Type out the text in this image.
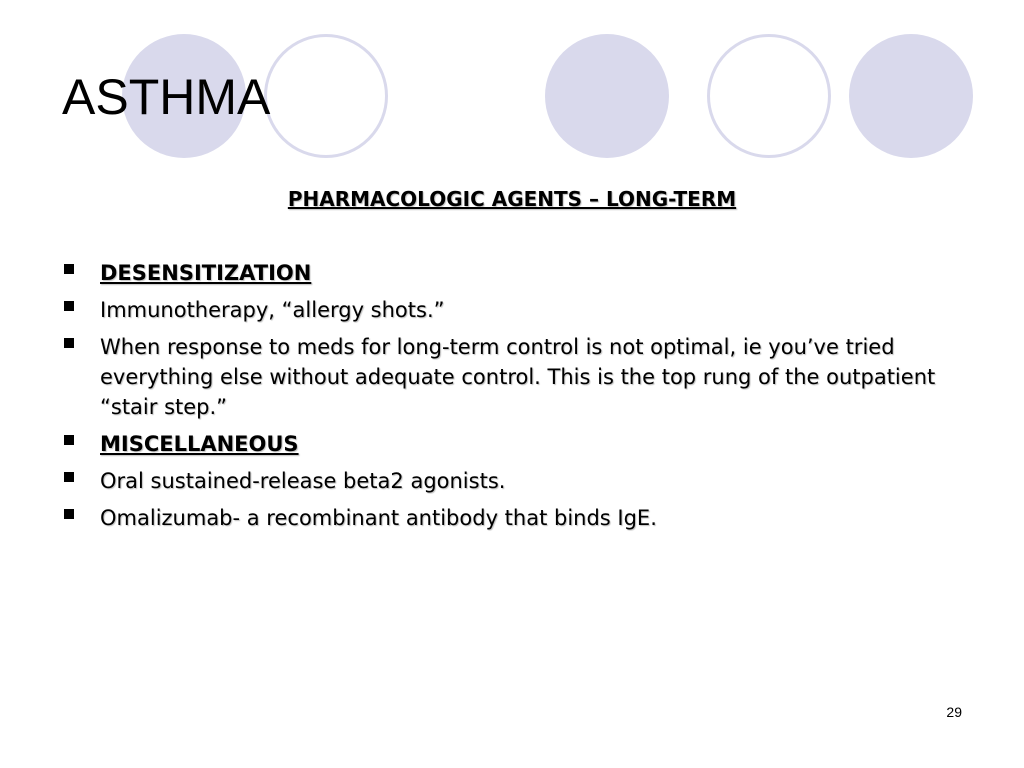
ASTHMA
PHARMACOLOGIC AGENTS – LONG-TERM
DESENSITIZATION
Immunotherapy, “allergy shots.”
When response to meds for long-term control is not optimal, ie you’ve tried everything else without adequate control. This is the top rung of the outpatient “stair step.”
MISCELLANEOUS
Oral sustained-release beta2 agonists.
Omalizumab- a recombinant antibody that binds IgE.
29
